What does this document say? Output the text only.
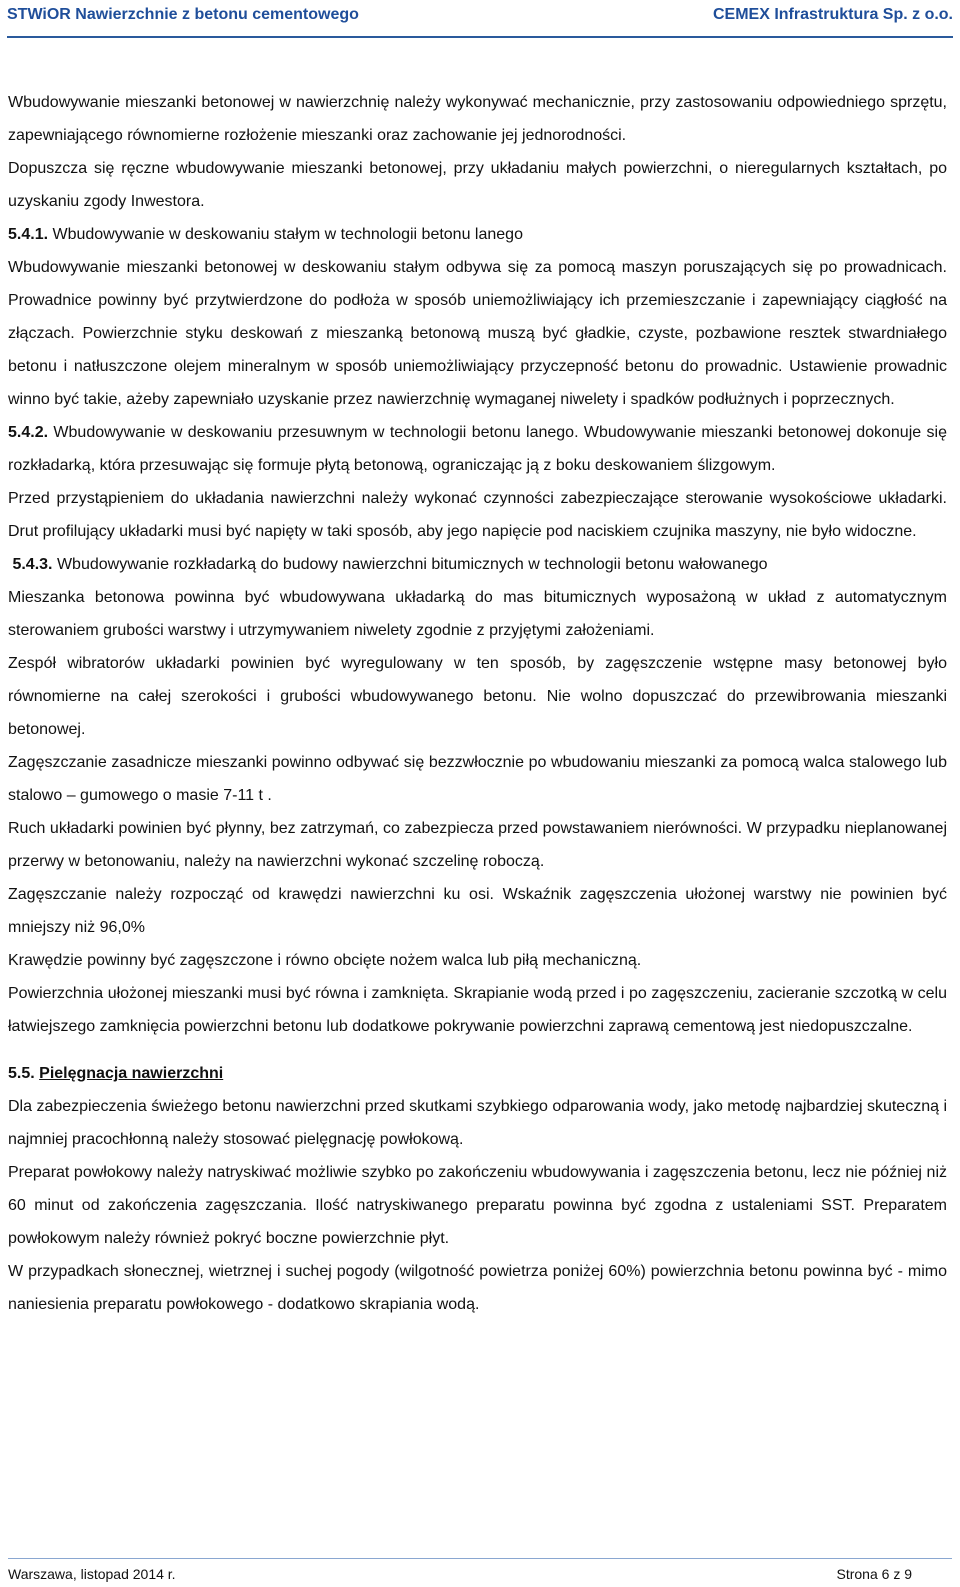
STWiOR Nawierzchnie z betonu cementowego	CEMEX Infrastruktura Sp. z o.o.

Wbudowywanie mieszanki betonowej w nawierzchnię należy wykonywać mechanicznie, przy zastosowaniu odpowiedniego sprzętu, zapewniającego równomierne rozłożenie mieszanki oraz zachowanie jej jednorodności.

Dopuszcza się ręczne wbudowywanie mieszanki betonowej, przy układaniu małych powierzchni, o nieregularnych kształtach, po uzyskaniu zgody Inwestora.

5.4.1. Wbudowywanie w deskowaniu stałym w technologii betonu lanego

Wbudowywanie mieszanki betonowej w deskowaniu stałym odbywa się za pomocą maszyn poruszających się po prowadnicach. Prowadnice powinny być przytwierdzone do podłoża w sposób uniemożliwiający ich przemieszczanie i zapewniający ciągłość na złączach. Powierzchnie styku deskowań z mieszanką betonową muszą być gładkie, czyste, pozbawione resztek stwardniałego betonu i natłuszczone olejem mineralnym w sposób uniemożliwiający przyczepność betonu do prowadnic. Ustawienie prowadnic winno być takie, ażeby zapewniało uzyskanie przez nawierzchnię wymaganej niwelety i spadków podłużnych i poprzecznych.

5.4.2. Wbudowywanie w deskowaniu przesuwnym w technologii betonu lanego. Wbudowywanie mieszanki betonowej dokonuje się rozkładarką, która przesuwając się formuje płytą betonową, ograniczając ją z boku deskowaniem ślizgowym.

Przed przystąpieniem do układania nawierzchni należy wykonać czynności zabezpieczające sterowanie wysokościowe układarki. Drut profilujący układarki musi być napięty w taki sposób, aby jego napięcie pod naciskiem czujnika maszyny, nie było widoczne.

5.4.3. Wbudowywanie rozkładarką do budowy nawierzchni bitumicznych w technologii betonu wałowanego

Mieszanka betonowa powinna być wbudowywana układarką do mas bitumicznych wyposażoną w układ z automatycznym sterowaniem grubości warstwy i utrzymywaniem niwelety zgodnie z przyjętymi założeniami.

Zespół wibratorów układarki powinien być wyregulowany w ten sposób, by zagęszczenie wstępne masy betonowej było równomierne na całej szerokości i grubości wbudowywanego betonu. Nie wolno dopuszczać do przewibrowania mieszanki betonowej.

Zagęszczanie zasadnicze mieszanki powinno odbywać się bezzwłocznie po wbudowaniu mieszanki za pomocą walca stalowego lub stalowo – gumowego o masie 7-11 t .

Ruch układarki powinien być płynny, bez zatrzymań, co zabezpiecza przed powstawaniem nierówności. W przypadku nieplanowanej przerwy w betonowaniu, należy na nawierzchni wykonać szczelinę roboczą.

Zagęszczanie należy rozpocząć od krawędzi nawierzchni ku osi. Wskaźnik zagęszczenia ułożonej warstwy nie powinien być mniejszy niż 96,0%

Krawędzie powinny być zagęszczone i równo obcięte nożem walca lub piłą mechaniczną.

Powierzchnia ułożonej mieszanki musi być równa i zamknięta. Skrapianie wodą przed i po zagęszczeniu, zacieranie szczotką w celu łatwiejszego zamknięcia powierzchni betonu lub dodatkowe pokrywanie powierzchni zaprawą cementową jest niedopuszczalne.

5.5. Pielęgnacja nawierzchni

Dla zabezpieczenia świeżego betonu nawierzchni przed skutkami szybkiego odparowania wody, jako metodę najbardziej skuteczną i najmniej pracochłonną należy stosować pielęgnację powłokową.

Preparat powłokowy należy natryskiwać możliwie szybko po zakończeniu wbudowywania i zagęszczenia betonu, lecz nie później niż 60 minut od zakończenia zagęszczania. Ilość natryskiwanego preparatu powinna być zgodna z ustaleniami SST. Preparatem powłokowym należy również pokryć boczne powierzchnie płyt.

W przypadkach słonecznej, wietrznej i suchej pogody (wilgotność powietrza poniżej 60%) powierzchnia betonu powinna być - mimo naniesienia preparatu powłokowego - dodatkowo skrapiania wodą.

Warszawa, listopad 2014 r.	Strona 6 z 9
